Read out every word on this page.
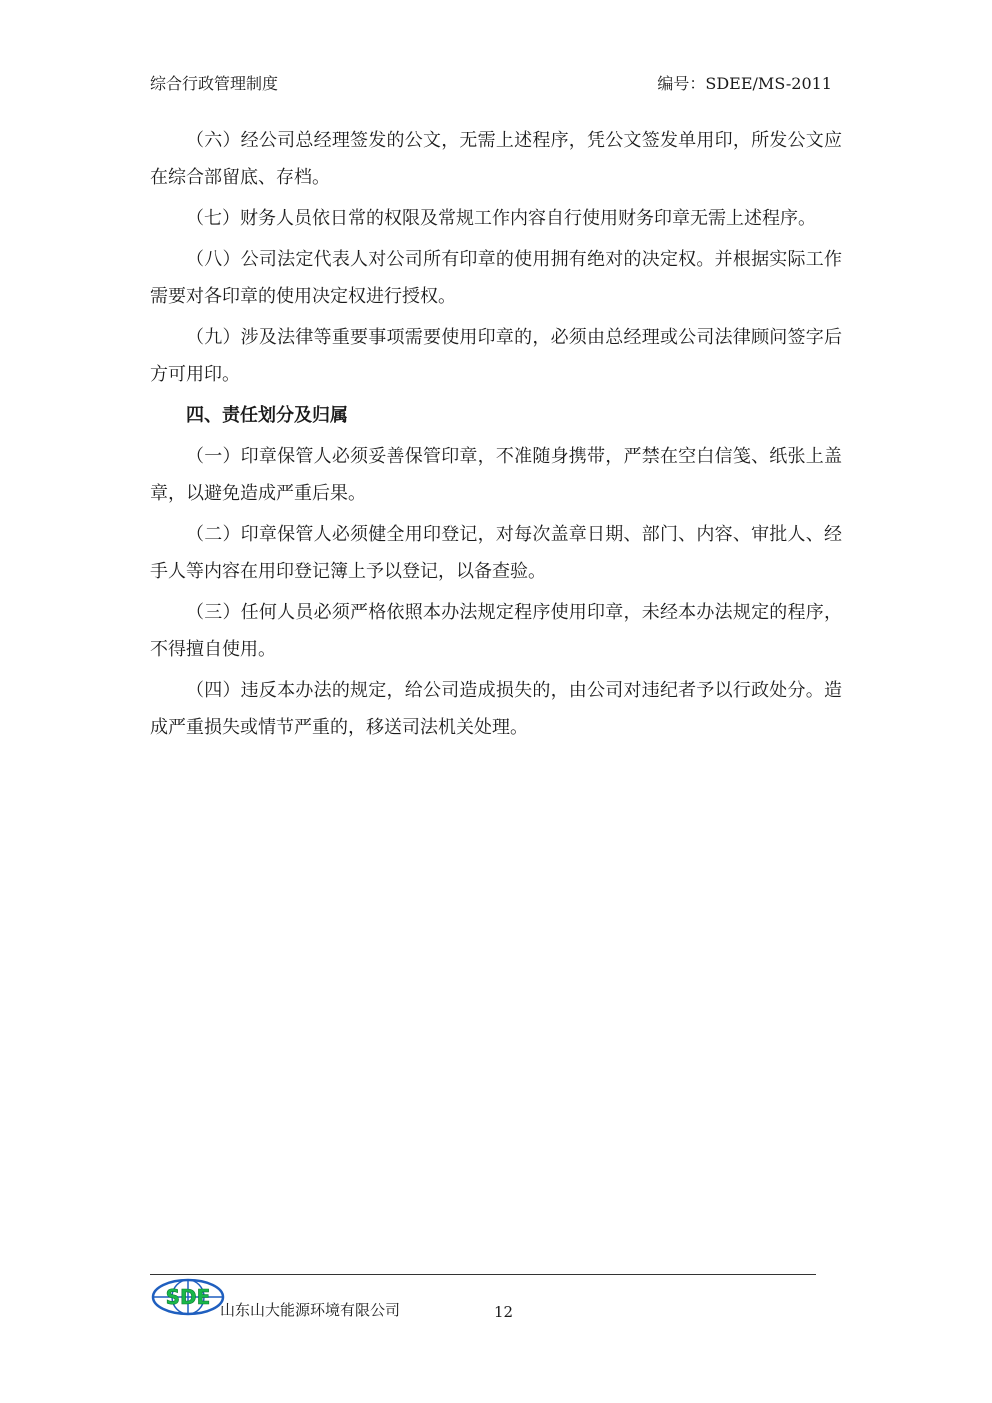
综合行政管理制度	编号：SDEE/MS-2011

（六）经公司总经理签发的公文，无需上述程序，凭公文签发单用印，所发公文应在综合部留底、存档。

（七）财务人员依日常的权限及常规工作内容自行使用财务印章无需上述程序。

（八）公司法定代表人对公司所有印章的使用拥有绝对的决定权。并根据实际工作需要对各印章的使用决定权进行授权。

（九）涉及法律等重要事项需要使用印章的，必须由总经理或公司法律顾问签字后方可用印。

四、责任划分及归属

（一）印章保管人必须妥善保管印章，不准随身携带，严禁在空白信笺、纸张上盖章，以避免造成严重后果。

（二）印章保管人必须健全用印登记，对每次盖章日期、部门、内容、审批人、经手人等内容在用印登记簿上予以登记，以备查验。

（三）任何人员必须严格依照本办法规定程序使用印章，未经本办法规定的程序，不得擅自使用。

（四）违反本办法的规定，给公司造成损失的，由公司对违纪者予以行政处分。造成严重损失或情节严重的，移送司法机关处理。

SDE
山东山大能源环境有限公司	12
